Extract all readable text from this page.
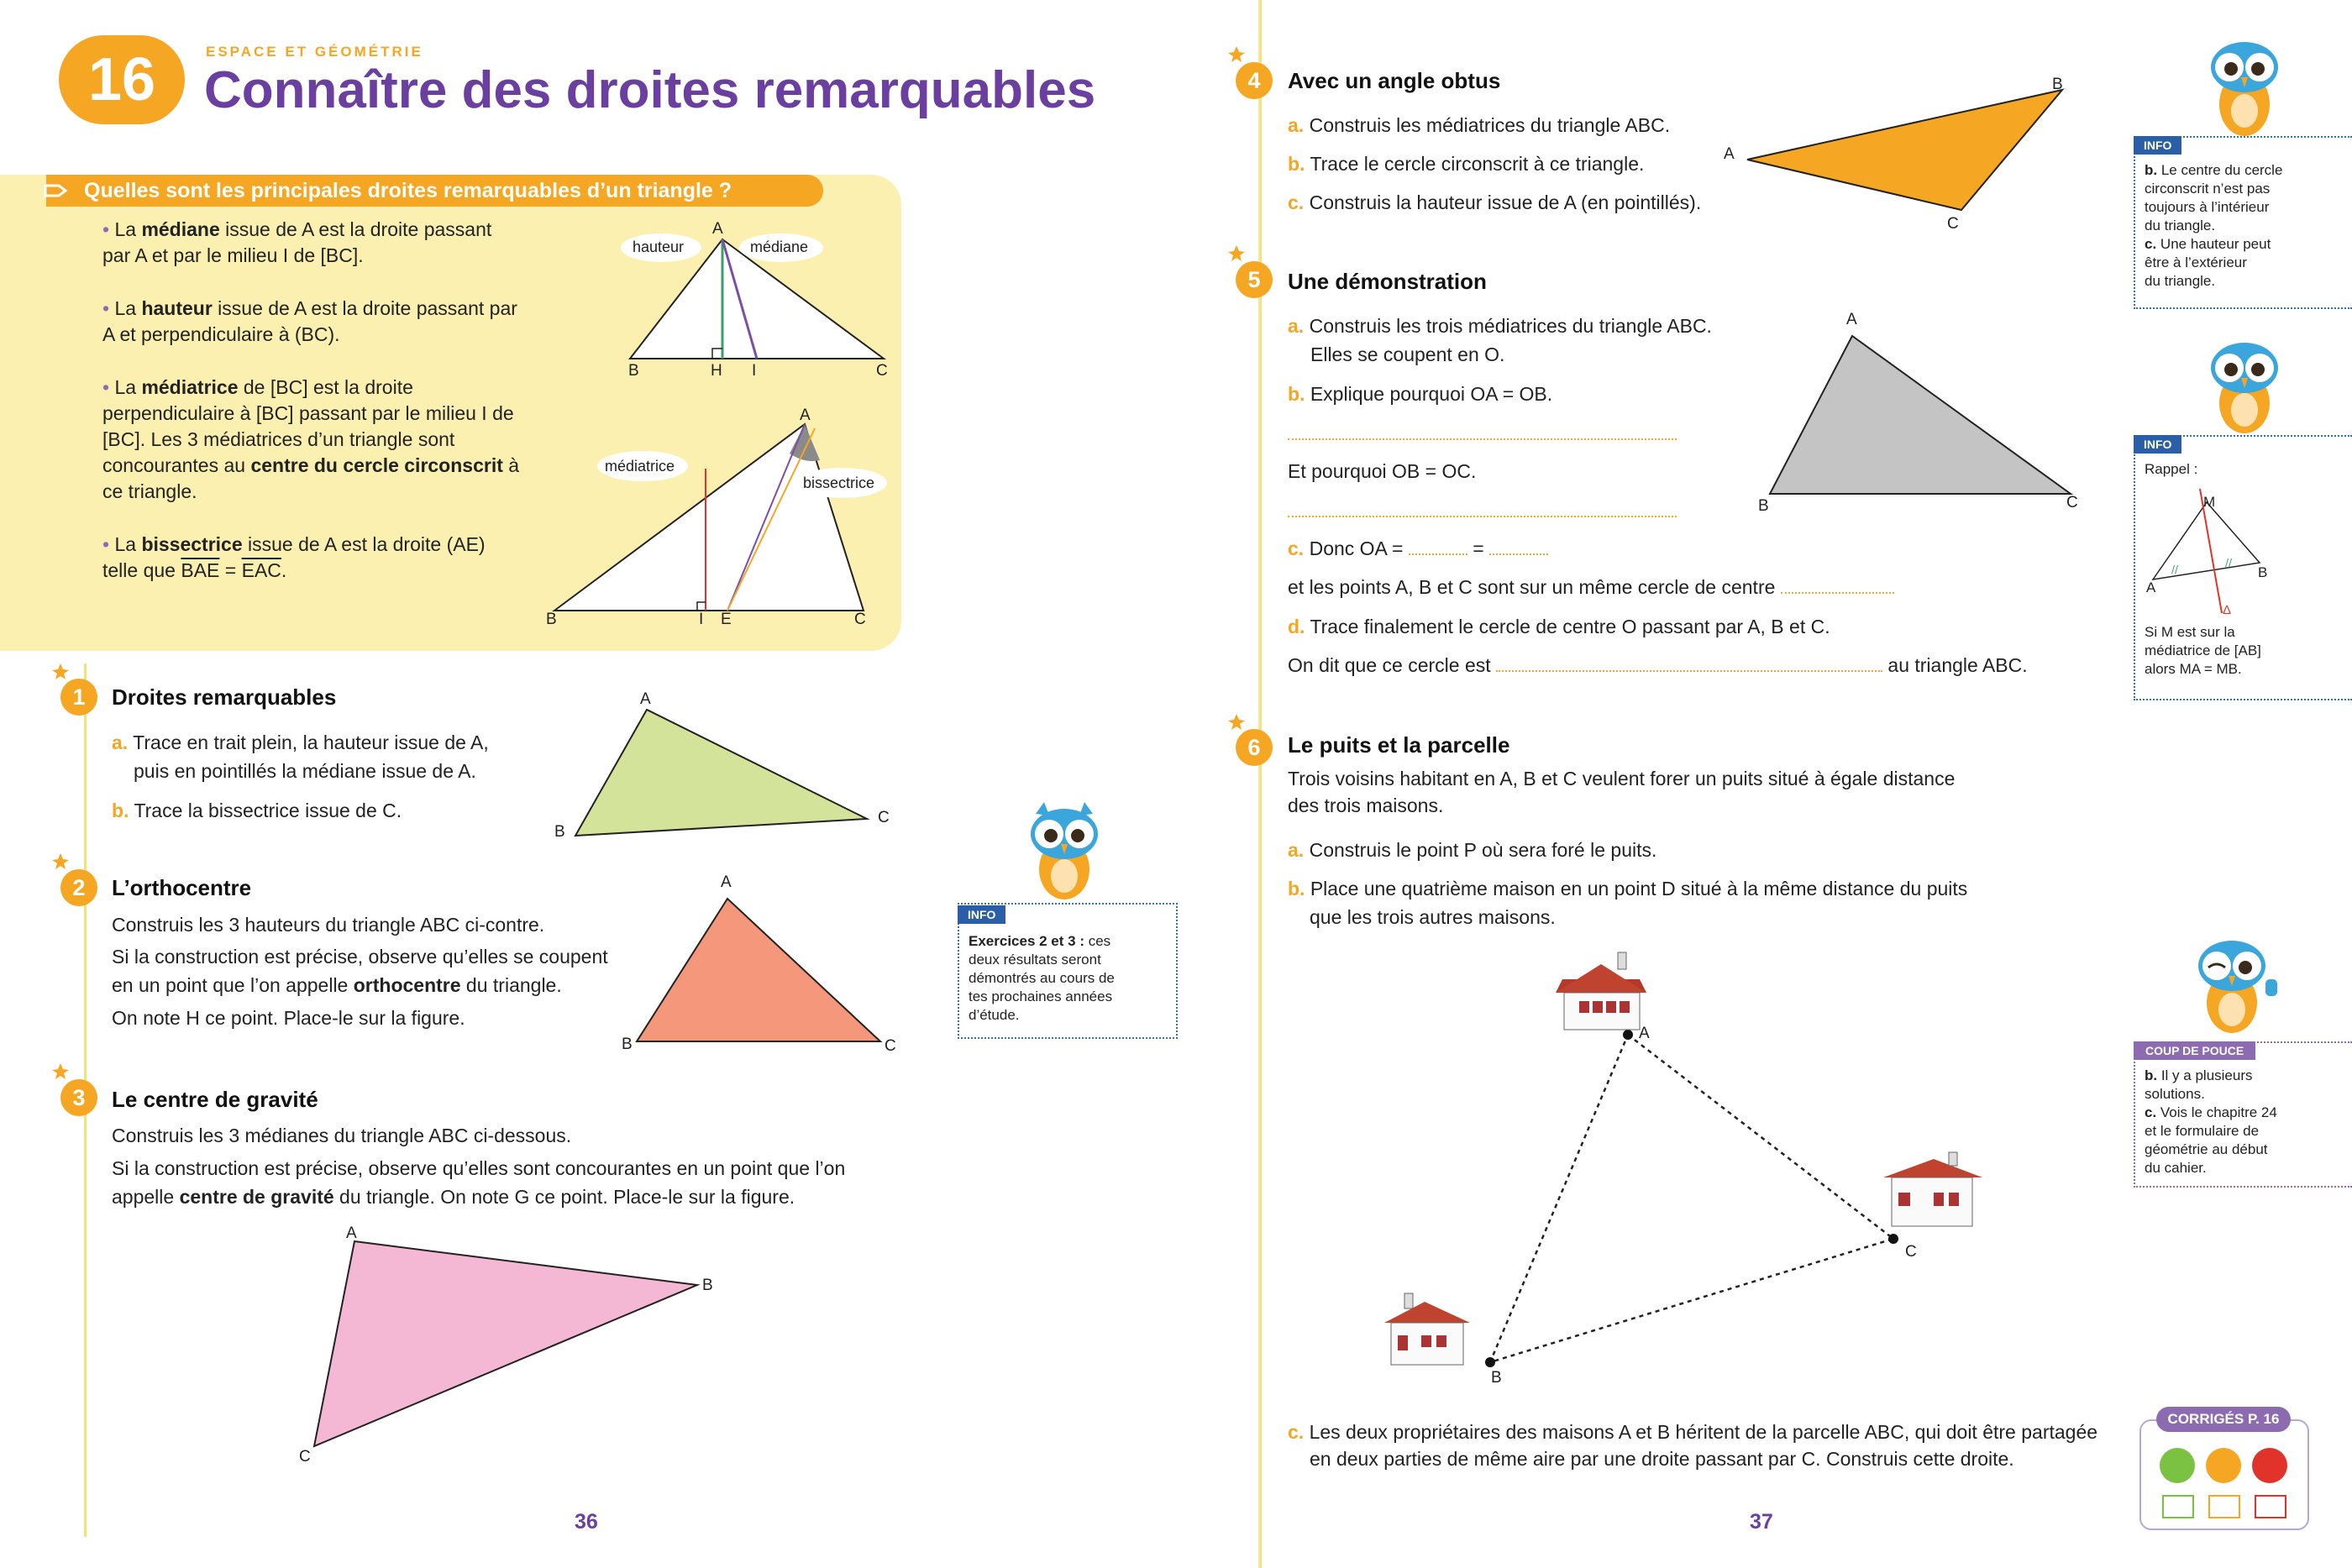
16	ESPACE ET GÉOMÉTRIE
Connaître des droites remarquables
Quelles sont les principales droites remarquables d’un triangle ?
• La médiane issue de A est la droite passant par A et par le milieu I de [BC].
• La hauteur issue de A est la droite passant par A et perpendiculaire à (BC).
• La médiatrice de [BC] est la droite perpendiculaire à [BC] passant par le milieu I de [BC]. Les 3 médiatrices d’un triangle sont concourantes au centre du cercle circonscrit à ce triangle.
• La bissectrice issue de A est la droite (AE) telle que $\overline{BAE} = \overline{EAC}$.
A
B	H I	C
hauteur	médiane
A
B	I E	C
médiatrice
bissectrice
1	Droites remarquables
a. Trace en trait plein, la hauteur issue de A,
puis en pointillés la médiane issue de A.
b. Trace la bissectrice issue de C.
A
B
C
2	L’orthocentre
Construis les 3 hauteurs du triangle ABC ci-contre.
Si la construction est précise, observe qu’elles se coupent
en un point que l’on appelle orthocentre du triangle.
On note H ce point. Place-le sur la figure.
A
B	C
3	Le centre de gravité
Construis les 3 médianes du triangle ABC ci-dessous.
Si la construction est précise, observe qu’elles sont concourantes en un point que l’on
appelle centre de gravité du triangle. On note G ce point. Place-le sur la figure.
A
B
C
INFO
Exercices 2 et 3 : ces
deux résultats seront
démontrés au cours de
tes prochaines années
d’étude.
36
4	Avec un angle obtus
a. Construis les médiatrices du triangle ABC.
b. Trace le cercle circonscrit à ce triangle.
c. Construis la hauteur issue de A (en pointillés).
A
B
C
5	Une démonstration
a. Construis les trois médiatrices du triangle ABC.
Elles se coupent en O.
b. Explique pourquoi OA = OB.
Et pourquoi OB = OC.
c. Donc OA =	=
et les points A, B et C sont sur un même cercle de centre
d. Trace finalement le cercle de centre O passant par A, B et C.
On dit que ce cercle est	au triangle ABC.
A
B	C
6	Le puits et la parcelle
Trois voisins habitant en A, B et C veulent forer un puits situé à égale distance
des trois maisons.
a. Construis le point P où sera foré le puits.
b. Place une quatrième maison en un point D situé à la même distance du puits
que les trois autres maisons.
c. Les deux propriétaires des maisons A et B héritent de la parcelle ABC, qui doit être partagée
en deux parties de même aire par une droite passant par C. Construis cette droite.
A
B
C
INFO
b. Le centre du cercle
circonscrit n’est pas
toujours à l’intérieur
du triangle.
c. Une hauteur peut
être à l’extérieur
du triangle.
INFO
Rappel :
//
//
M
A
B
Δ
Si M est sur la
médiatrice de [AB]
alors MA = MB.
COUP DE POUCE
b. Il y a plusieurs
solutions.
c. Vois le chapitre 24
et le formulaire de
géométrie au début
du cahier.
CORRIGÉS P. 16
37
